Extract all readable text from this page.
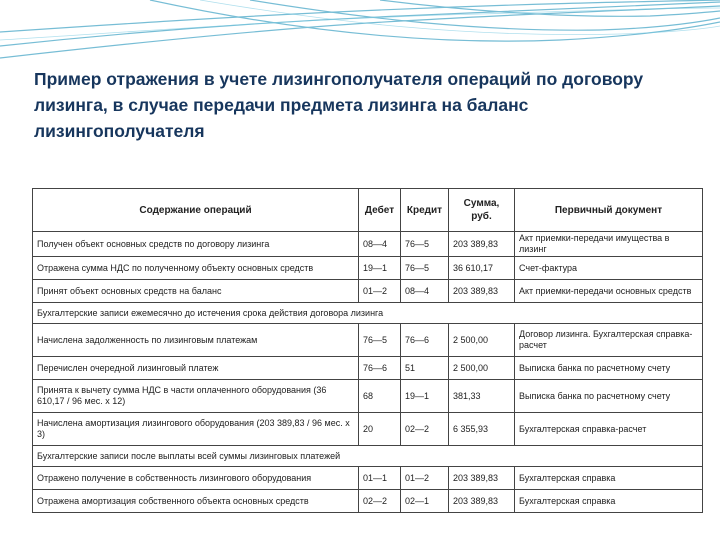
Пример отражения в учете лизингополучателя операций по договору лизинга, в случае передачи предмета лизинга на баланс лизингополучателя
Содержание операций	Дебет	Кредит	Сумма, руб.	Первичный документ
Получен объект основных средств по договору лизинга	08—4	76—5	203 389,83	Акт приемки-передачи имущества в лизинг
Отражена сумма НДС по полученному объекту основных средств	19—1	76—5	36 610,17	Счет-фактура
Принят объект основных средств на баланс	01—2	08—4	203 389,83	Акт приемки-передачи основных средств
Бухгалтерские записи ежемесячно до истечения срока действия договора лизинга				
Начислена задолженность по лизинговым платежам	76—5	76—6	2 500,00	Договор лизинга. Бухгалтерская справка-расчет
Перечислен очередной лизинговый платеж	76—6	51	2 500,00	Выписка банка по расчетному счету
Принята к вычету сумма НДС в части оплаченного оборудования (36 610,17 / 96 мес. x 12)	68	19—1	381,33	Выписка банка по расчетному счету
Начислена амортизация лизингового оборудования (203 389,83 / 96 мес. x 3)	20	02—2	6 355,93	Бухгалтерская справка-расчет
Бухгалтерские записи после выплаты всей суммы лизинговых платежей				
Отражено получение в собственность лизингового оборудования	01—1	01—2	203 389,83	Бухгалтерская справка
Отражена амортизация собственного объекта основных средств	02—2	02—1	203 389,83	Бухгалтерская справка
